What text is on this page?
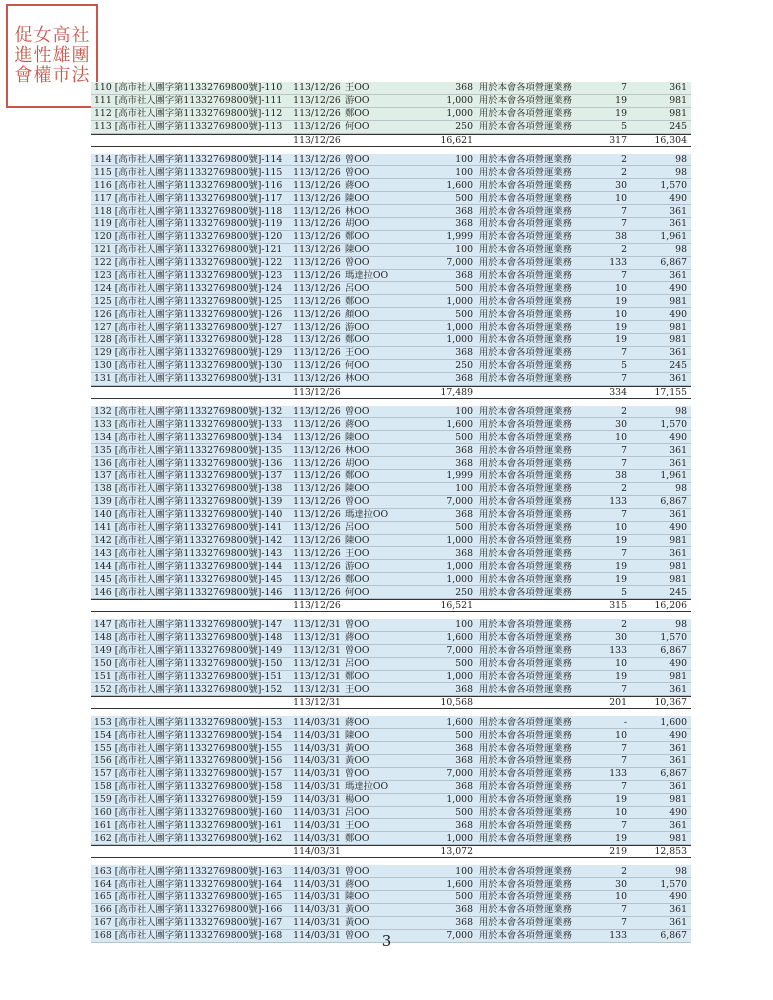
社
團
法
高
雄
市
女
性
權
促
進
會
110 [高市社人團字第11332769800號]-110	113/12/26 王OO	368 用於本會各項營運業務	7	361
111 [高市社人團字第11332769800號]-111	113/12/26 游OO	1,000 用於本會各項營運業務	19	981
112 [高市社人團字第11332769800號]-112	113/12/26 鄭OO	1,000 用於本會各項營運業務	19	981
113 [高市社人團字第11332769800號]-113	113/12/26 何OO	250 用於本會各項營運業務	5	245
113/12/26	16,621	317	16,304
114 [高市社人團字第11332769800號]-114	113/12/26 曾OO	100 用於本會各項營運業務	2	98
115 [高市社人團字第11332769800號]-115	113/12/26 曾OO	100 用於本會各項營運業務	2	98
116 [高市社人團字第11332769800號]-116	113/12/26 蔣OO	1,600 用於本會各項營運業務	30	1,570
117 [高市社人團字第11332769800號]-117	113/12/26 陳OO	500 用於本會各項營運業務	10	490
118 [高市社人團字第11332769800號]-118	113/12/26 林OO	368 用於本會各項營運業務	7	361
119 [高市社人團字第11332769800號]-119	113/12/26 胡OO	368 用於本會各項營運業務	7	361
120 [高市社人團字第11332769800號]-120	113/12/26 鄭OO	1,999 用於本會各項營運業務	38	1,961
121 [高市社人團字第11332769800號]-121	113/12/26 陳OO	100 用於本會各項營運業務	2	98
122 [高市社人團字第11332769800號]-122	113/12/26 曾OO	7,000 用於本會各項營運業務	133	6,867
123 [高市社人團字第11332769800號]-123	113/12/26 瑪達拉OO	368 用於本會各項營運業務	7	361
124 [高市社人團字第11332769800號]-124	113/12/26 呂OO	500 用於本會各項營運業務	10	490
125 [高市社人團字第11332769800號]-125	113/12/26 鄭OO	1,000 用於本會各項營運業務	19	981
126 [高市社人團字第11332769800號]-126	113/12/26 顏OO	500 用於本會各項營運業務	10	490
127 [高市社人團字第11332769800號]-127	113/12/26 游OO	1,000 用於本會各項營運業務	19	981
128 [高市社人團字第11332769800號]-128	113/12/26 鄭OO	1,000 用於本會各項營運業務	19	981
129 [高市社人團字第11332769800號]-129	113/12/26 王OO	368 用於本會各項營運業務	7	361
130 [高市社人團字第11332769800號]-130	113/12/26 何OO	250 用於本會各項營運業務	5	245
131 [高市社人團字第11332769800號]-131	113/12/26 林OO	368 用於本會各項營運業務	7	361
113/12/26	17,489	334	17,155
132 [高市社人團字第11332769800號]-132	113/12/26 曾OO	100 用於本會各項營運業務	2	98
133 [高市社人團字第11332769800號]-133	113/12/26 蔣OO	1,600 用於本會各項營運業務	30	1,570
134 [高市社人團字第11332769800號]-134	113/12/26 陳OO	500 用於本會各項營運業務	10	490
135 [高市社人團字第11332769800號]-135	113/12/26 林OO	368 用於本會各項營運業務	7	361
136 [高市社人團字第11332769800號]-136	113/12/26 胡OO	368 用於本會各項營運業務	7	361
137 [高市社人團字第11332769800號]-137	113/12/26 鄭OO	1,999 用於本會各項營運業務	38	1,961
138 [高市社人團字第11332769800號]-138	113/12/26 陳OO	100 用於本會各項營運業務	2	98
139 [高市社人團字第11332769800號]-139	113/12/26 曾OO	7,000 用於本會各項營運業務	133	6,867
140 [高市社人團字第11332769800號]-140	113/12/26 瑪達拉OO	368 用於本會各項營運業務	7	361
141 [高市社人團字第11332769800號]-141	113/12/26 呂OO	500 用於本會各項營運業務	10	490
142 [高市社人團字第11332769800號]-142	113/12/26 陳OO	1,000 用於本會各項營運業務	19	981
143 [高市社人團字第11332769800號]-143	113/12/26 王OO	368 用於本會各項營運業務	7	361
144 [高市社人團字第11332769800號]-144	113/12/26 游OO	1,000 用於本會各項營運業務	19	981
145 [高市社人團字第11332769800號]-145	113/12/26 鄭OO	1,000 用於本會各項營運業務	19	981
146 [高市社人團字第11332769800號]-146	113/12/26 何OO	250 用於本會各項營運業務	5	245
113/12/26	16,521	315	16,206
147 [高市社人團字第11332769800號]-147	113/12/31 曾OO	100 用於本會各項營運業務	2	98
148 [高市社人團字第11332769800號]-148	113/12/31 蔣OO	1,600 用於本會各項營運業務	30	1,570
149 [高市社人團字第11332769800號]-149	113/12/31 曾OO	7,000 用於本會各項營運業務	133	6,867
150 [高市社人團字第11332769800號]-150	113/12/31 呂OO	500 用於本會各項營運業務	10	490
151 [高市社人團字第11332769800號]-151	113/12/31 鄭OO	1,000 用於本會各項營運業務	19	981
152 [高市社人團字第11332769800號]-152	113/12/31 王OO	368 用於本會各項營運業務	7	361
113/12/31	10,568	201	10,367
153 [高市社人團字第11332769800號]-153	114/03/31 蔣OO	1,600 用於本會各項營運業務	-	1,600
154 [高市社人團字第11332769800號]-154	114/03/31 陳OO	500 用於本會各項營運業務	10	490
155 [高市社人團字第11332769800號]-155	114/03/31 黃OO	368 用於本會各項營運業務	7	361
156 [高市社人團字第11332769800號]-156	114/03/31 黃OO	368 用於本會各項營運業務	7	361
157 [高市社人團字第11332769800號]-157	114/03/31 曾OO	7,000 用於本會各項營運業務	133	6,867
158 [高市社人團字第11332769800號]-158	114/03/31 瑪達拉OO	368 用於本會各項營運業務	7	361
159 [高市社人團字第11332769800號]-159	114/03/31 楊OO	1,000 用於本會各項營運業務	19	981
160 [高市社人團字第11332769800號]-160	114/03/31 呂OO	500 用於本會各項營運業務	10	490
161 [高市社人團字第11332769800號]-161	114/03/31 王OO	368 用於本會各項營運業務	7	361
162 [高市社人團字第11332769800號]-162	114/03/31 鄭OO	1,000 用於本會各項營運業務	19	981
114/03/31	13,072	219	12,853
163 [高市社人團字第11332769800號]-163	114/03/31 曾OO	100 用於本會各項營運業務	2	98
164 [高市社人團字第11332769800號]-164	114/03/31 蔣OO	1,600 用於本會各項營運業務	30	1,570
165 [高市社人團字第11332769800號]-165	114/03/31 陳OO	500 用於本會各項營運業務	10	490
166 [高市社人團字第11332769800號]-166	114/03/31 黃OO	368 用於本會各項營運業務	7	361
167 [高市社人團字第11332769800號]-167	114/03/31 黃OO	368 用於本會各項營運業務	7	361
168 [高市社人團字第11332769800號]-168	114/03/31 曾OO	7,000 用於本會各項營運業務	133	6,867
3
